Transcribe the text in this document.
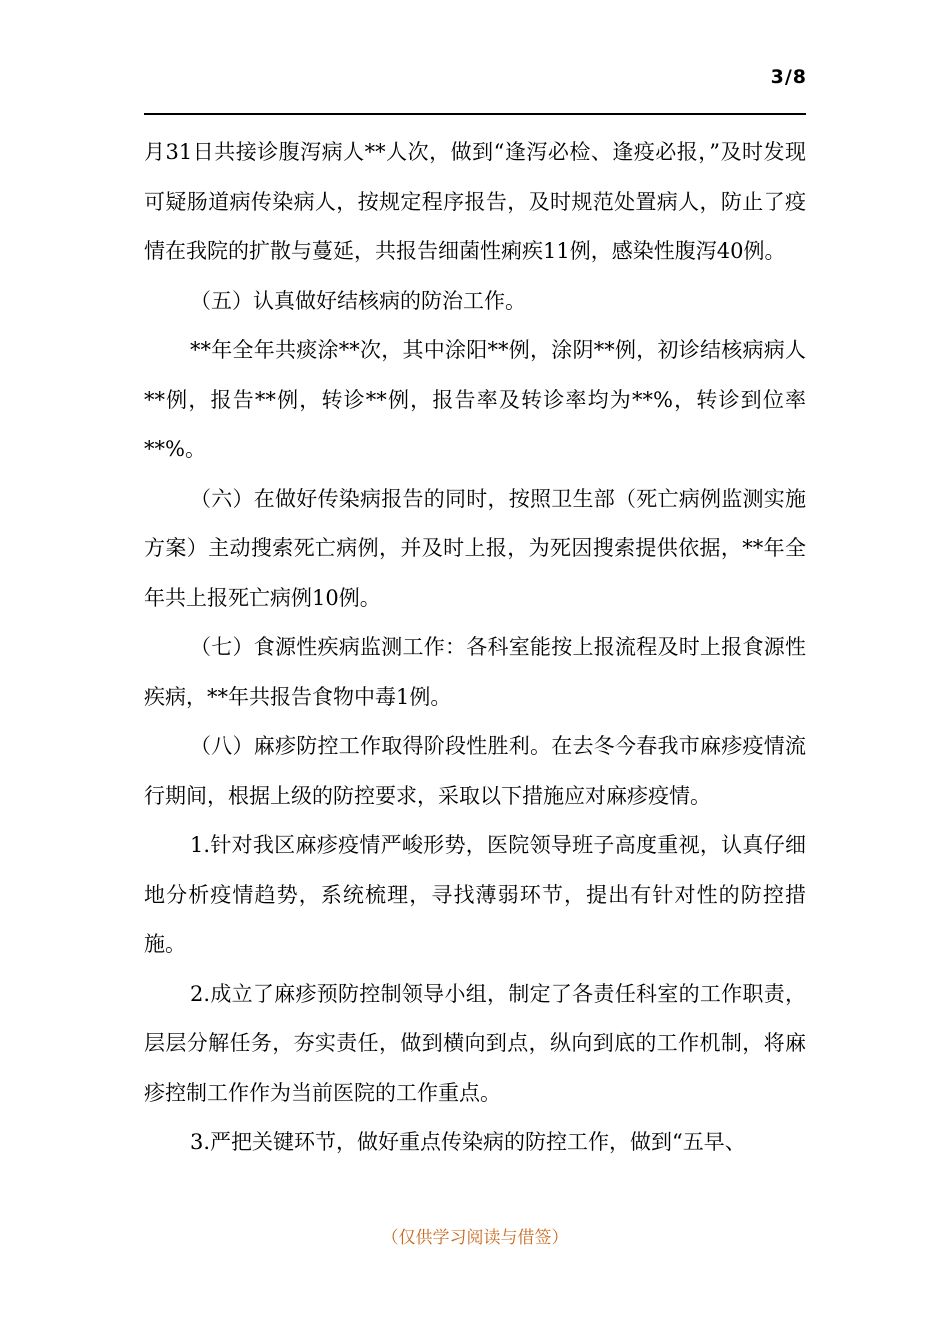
3/8

月31日共接诊腹泻病人**人次，做到“逢泻必检、逢疫必报，”及时发现可疑肠道病传染病人，按规定程序报告，及时规范处置病人，防止了疫情在我院的扩散与蔓延，共报告细菌性痢疾11例，感染性腹泻40例。

（五）认真做好结核病的防治工作。

**年全年共痰涂**次，其中涂阳**例，涂阴**例，初诊结核病病人**例，报告**例，转诊**例，报告率及转诊率均为**%，转诊到位率**%。

（六）在做好传染病报告的同时，按照卫生部（死亡病例监测实施方案）主动搜索死亡病例，并及时上报，为死因搜索提供依据，**年全年共上报死亡病例10例。

（七）食源性疾病监测工作：各科室能按上报流程及时上报食源性疾病，**年共报告食物中毒1例。

（八）麻疹防控工作取得阶段性胜利。在去冬今春我市麻疹疫情流行期间，根据上级的防控要求，采取以下措施应对麻疹疫情。

1.针对我区麻疹疫情严峻形势，医院领导班子高度重视，认真仔细地分析疫情趋势，系统梳理，寻找薄弱环节，提出有针对性的防控措施。

2.成立了麻疹预防控制领导小组，制定了各责任科室的工作职责，层层分解任务，夯实责任，做到横向到点，纵向到底的工作机制，将麻疹控制工作作为当前医院的工作重点。

3.严把关键环节，做好重点传染病的防控工作，做到“五早、

（仅供学习阅读与借签）
